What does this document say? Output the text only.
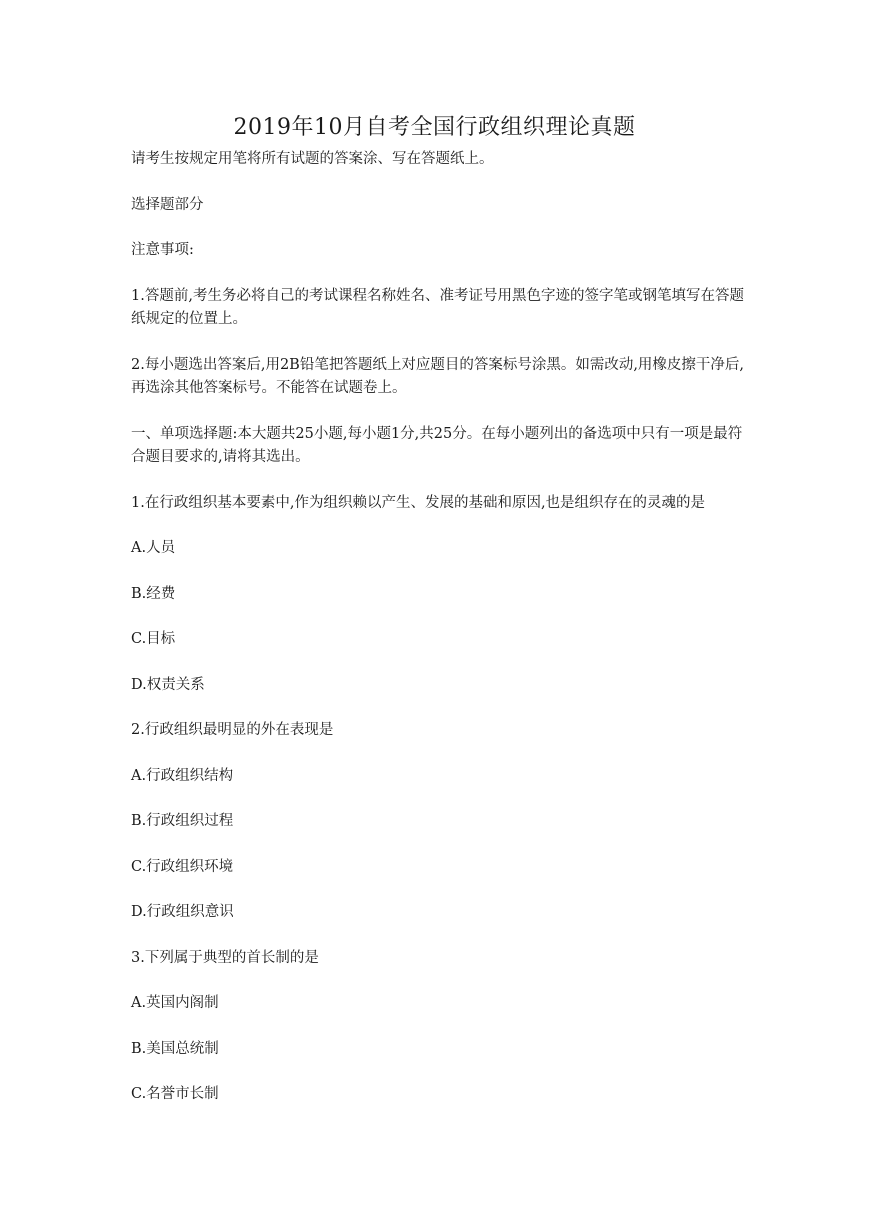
2019年10月自考全国行政组织理论真题

请考生按规定用笔将所有试题的答案涂、写在答题纸上。

选择题部分

注意事项:

1.答题前,考生务必将自己的考试课程名称姓名、准考证号用黑色字迹的签字笔或钢笔填写在答题纸规定的位置上。

2.每小题选出答案后,用2B铅笔把答题纸上对应题目的答案标号涂黑。如需改动,用橡皮擦干净后,再选涂其他答案标号。不能答在试题卷上。

一、单项选择题:本大题共25小题,每小题1分,共25分。在每小题列出的备选项中只有一项是最符合题目要求的,请将其选出。

1.在行政组织基本要素中,作为组织赖以产生、发展的基础和原因,也是组织存在的灵魂的是

A.人员

B.经费

C.目标

D.权责关系

2.行政组织最明显的外在表现是

A.行政组织结构

B.行政组织过程

C.行政组织环境

D.行政组织意识

3.下列属于典型的首长制的是

A.英国内阁制

B.美国总统制

C.名誉市长制
